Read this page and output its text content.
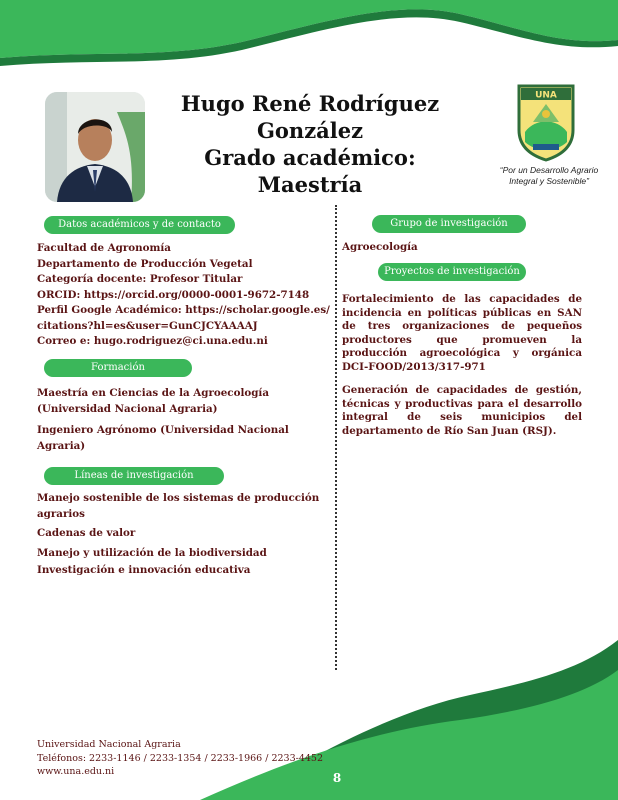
Hugo René Rodríguez González
Grado académico: Maestría
UNA
“Por un Desarrollo Agrario
Integral y Sostenible”
Datos académicos y de contacto
Facultad de Agronomía
Departamento de Producción Vegetal
Categoría docente: Profesor Titular
ORCID: https://orcid.org/0000-0001-9672-7148
Perfil Google Académico: https://scholar.google.es/
citations?hl=es&user=GunCJCYAAAAJ
Correo e: hugo.rodriguez@ci.una.edu.ni
Formación
Maestría en Ciencias de la Agroecología
(Universidad Nacional Agraria)
Ingeniero Agrónomo (Universidad Nacional
Agraria)
Líneas de investigación
Manejo sostenible de los sistemas de producción
agrarios
Cadenas de valor
Manejo y utilización de la biodiversidad
Investigación e innovación educativa
Grupo de investigación
Agroecología
Proyectos de investigación
Fortalecimiento de las capacidades de incidencia en políticas públicas en SAN de tres organizaciones de pequeños productores que promueven la producción agroecológica y orgánica DCI-FOOD/2013/317-971
Generación de capacidades de gestión, técnicas y productivas para el desarrollo integral de seis municipios del departamento de Río San Juan (RSJ).
Universidad Nacional Agraria
Teléfonos: 2233-1146 / 2233-1354 / 2233-1966 / 2233-4452
www.una.edu.ni	8
